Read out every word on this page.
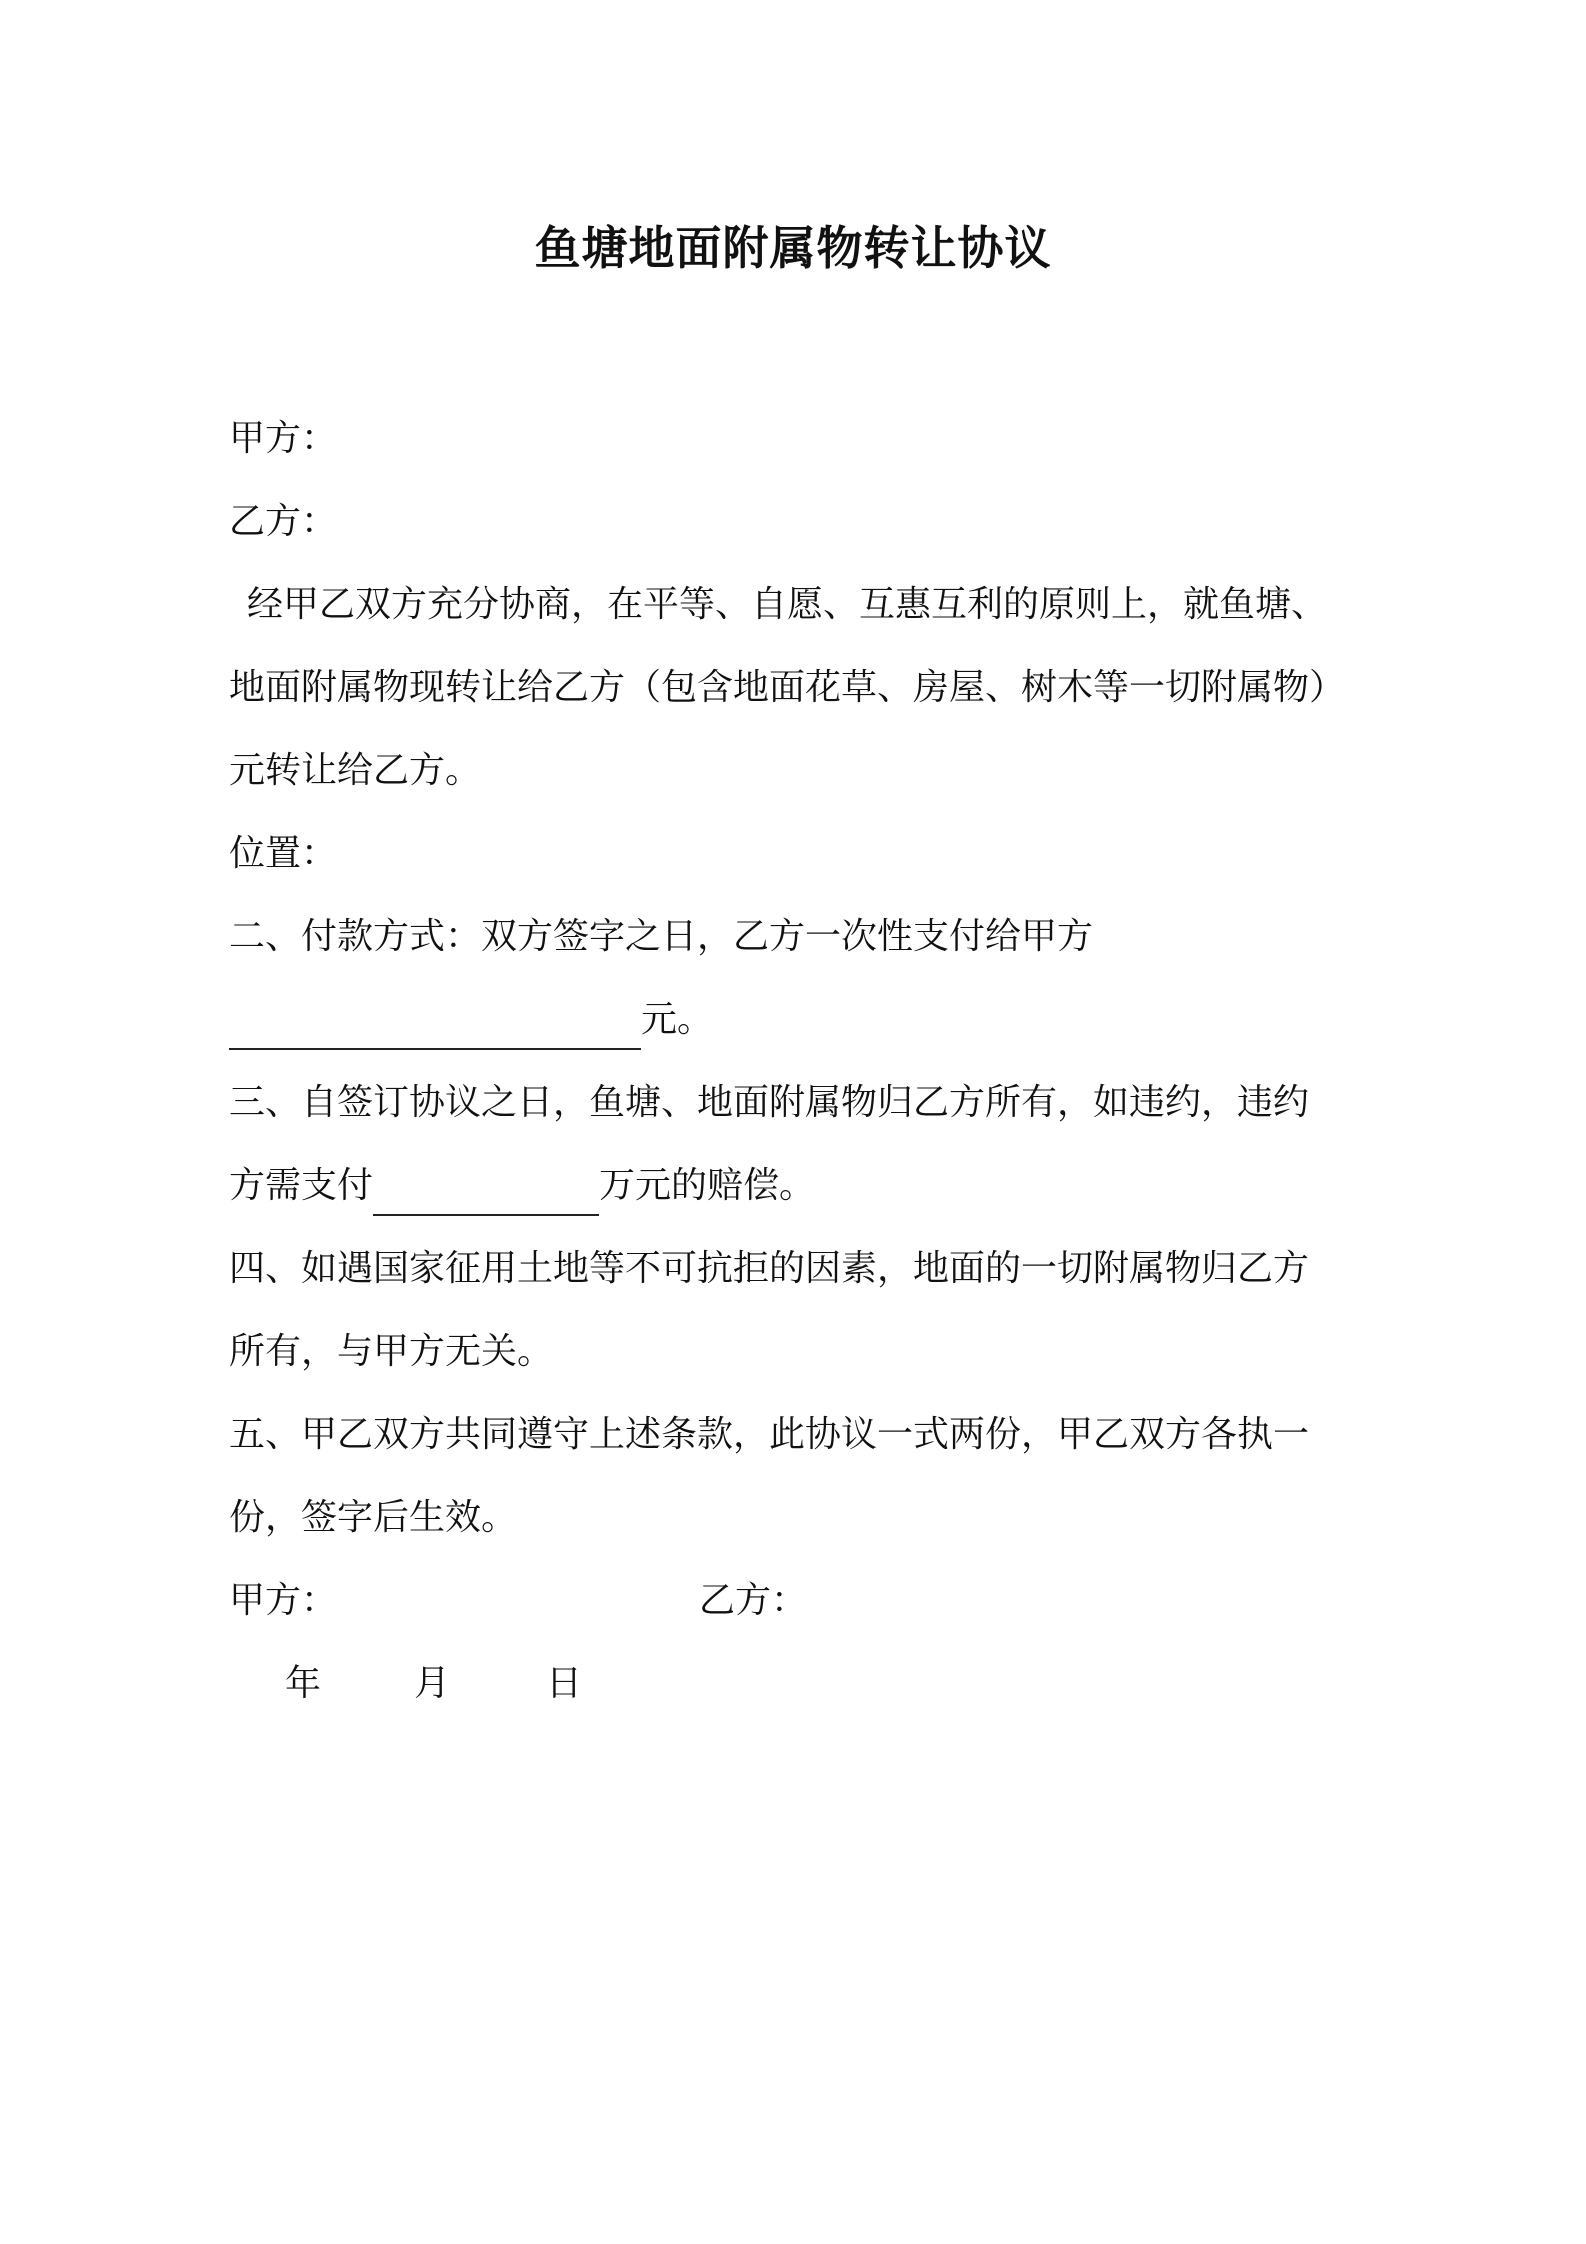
鱼塘地面附属物转让协议
甲方：
乙方：
经甲乙双方充分协商，在平等、自愿、互惠互利的原则上，就鱼塘、
地面附属物现转让给乙方（包含地面花草、房屋、树木等一切附属物）
元转让给乙方。
位置：
二、付款方式：双方签字之日，乙方一次性支付给甲方
元。
三、自签订协议之日，鱼塘、地面附属物归乙方所有，如违约，违约
方需支付	万元的赔偿。
四、如遇国家征用土地等不可抗拒的因素，地面的一切附属物归乙方
所有，与甲方无关。
五、甲乙双方共同遵守上述条款，此协议一式两份，甲乙双方各执一
份，签字后生效。
甲方：	乙方：
年	月	日
